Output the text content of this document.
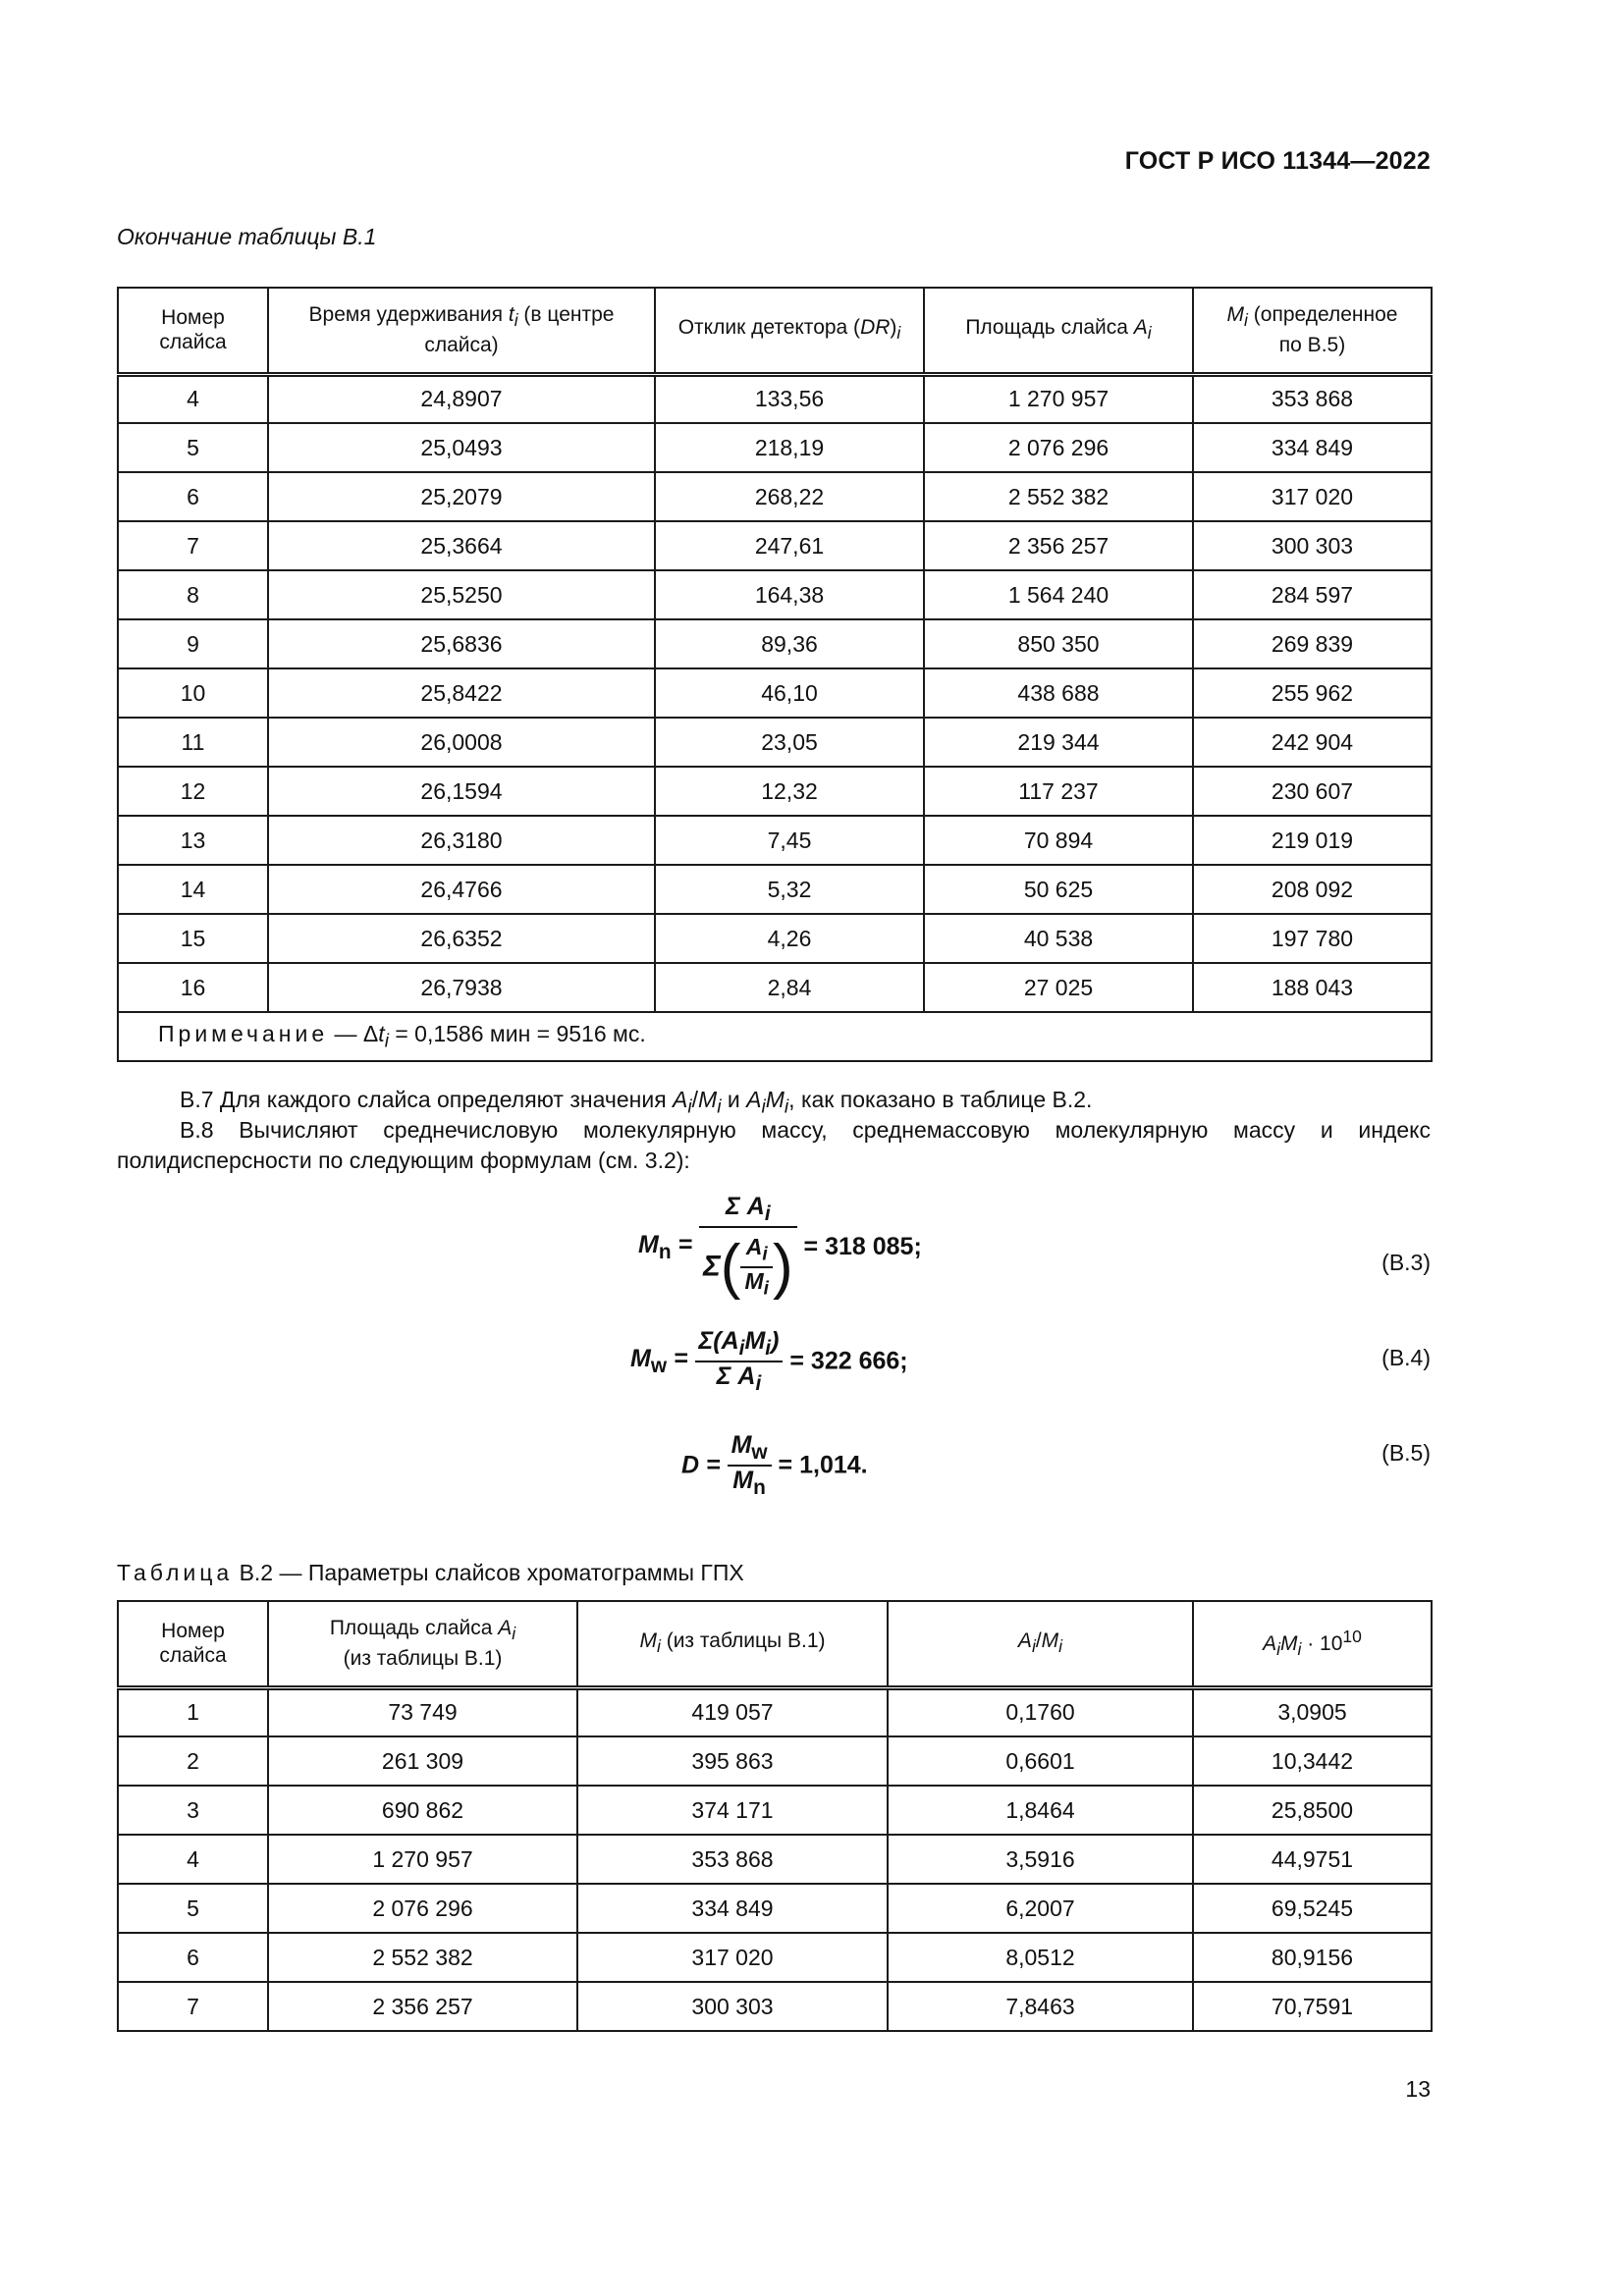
ГОСТ Р ИСО 11344—2022
Окончание таблицы В.1
Номер слайса	Время удерживания $t_i$ (в центре слайса)	Отклик детектора $(DR)_i$	Площадь слайса $A_i$	$M_i$ (определенное по В.5)
4	24,8907	133,56	1 270 957	353 868
5	25,0493	218,19	2 076 296	334 849
6	25,2079	268,22	2 552 382	317 020
7	25,3664	247,61	2 356 257	300 303
8	25,5250	164,38	1 564 240	284 597
9	25,6836	89,36	850 350	269 839
10	25,8422	46,10	438 688	255 962
11	26,0008	23,05	219 344	242 904
12	26,1594	12,32	117 237	230 607
13	26,3180	7,45	70 894	219 019
14	26,4766	5,32	50 625	208 092
15	26,6352	4,26	40 538	197 780
16	26,7938	2,84	27 025	188 043
Примечание — $\Delta t_i = 0,1586$ мин = 9516 мс.				
В.7 Для каждого слайса определяют значения $A_i/M_i$ и $A_iM_i$, как показано в таблице В.2.
В.8 Вычисляют среднечисловую молекулярную массу, среднемассовую молекулярную массу и индекс полидисперсности по следующим формулам (см. 3.2):
$M_n = \frac{\Sigma A_i}{\Sigma( \frac{A_i}{M_i} )} = 318$ 085;
(В.3)
$M_w = \frac{\Sigma(A_iM_i)}{\Sigma A_i} = 322$ 666;	(В.4)
$D = \frac{M_w}{M_n} = 1,014$.	(В.5)
Таблица В.2 — Параметры слайсов хроматограммы ГПХ
Номер слайса	Площадь слайса $A_i$ (из таблицы В.1)	$M_i$ (из таблицы В.1)	$A_i/M_i$	$A_iM_i \cdot 10^{10}$
1	73 749	419 057	0,1760	3,0905
2	261 309	395 863	0,6601	10,3442
3	690 862	374 171	1,8464	25,8500
4	1 270 957	353 868	3,5916	44,9751
5	2 076 296	334 849	6,2007	69,5245
6	2 552 382	317 020	8,0512	80,9156
7	2 356 257	300 303	7,8463	70,7591
13
